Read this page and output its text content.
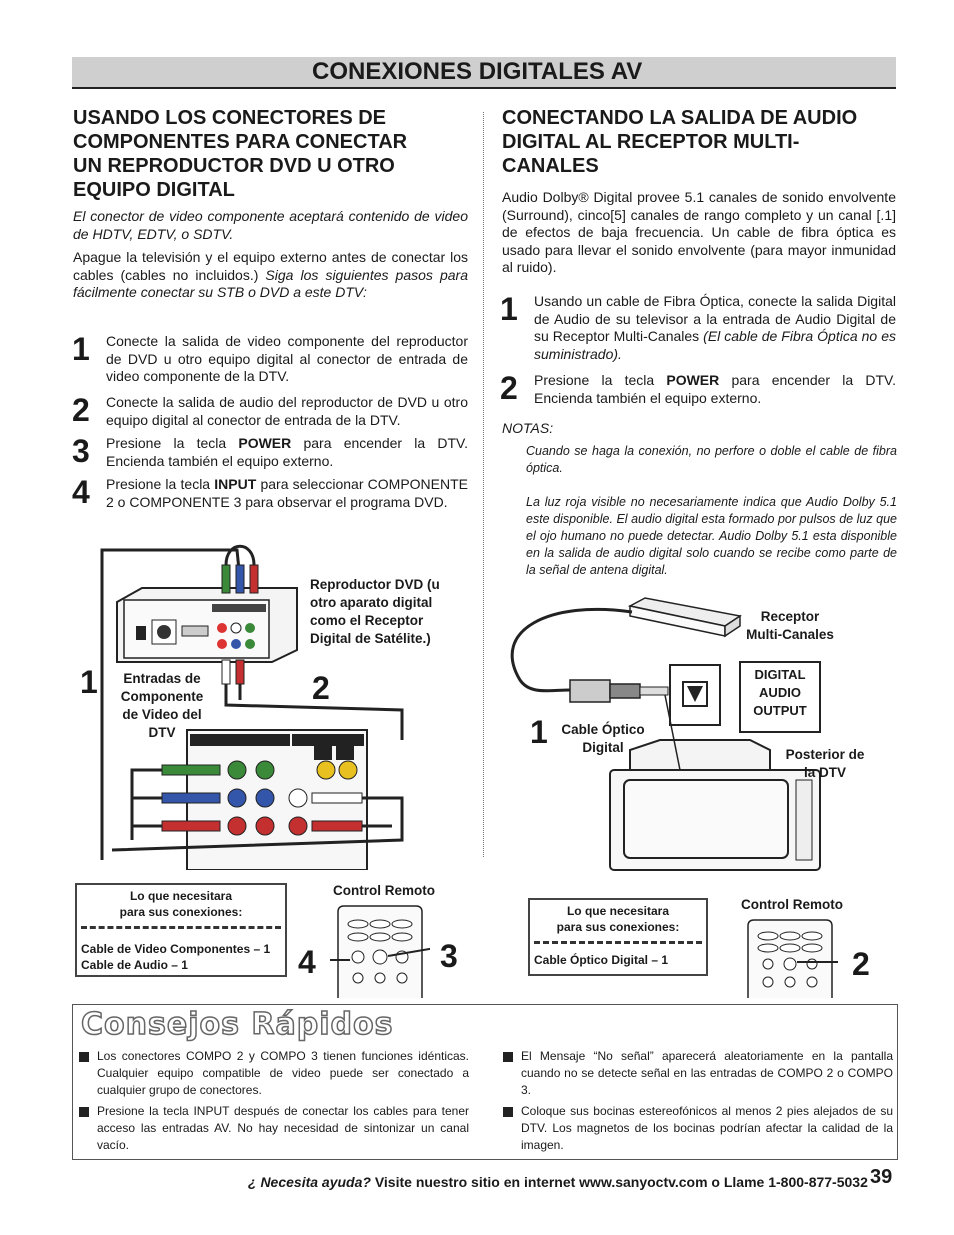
CONEXIONES DIGITALES AV
USANDO LOS CONECTORES DE
COMPONENTES PARA CONECTAR
UN REPRODUCTOR DVD U OTRO
EQUIPO DIGITAL

El conector de video componente aceptará contenido de video de HDTV, EDTV, o SDTV.

Apague la televisión y el equipo externo antes de conectar los cables (cables no incluidos.) Siga los siguientes pasos para fácilmente conectar su STB o DVD a este DTV:

1 Conecte la salida de video componente del reproductor de DVD u otro equipo digital al conector de entrada de video componente de la DTV.

2 Conecte la salida de audio del reproductor de DVD u otro equipo digital al conector de entrada de la DTV.

3 Presione la tecla POWER para encender la DTV. Encienda también el equipo externo.

4 Presione la tecla INPUT para seleccionar COMPONENTE 2 o COMPONENTE 3 para observar el programa DVD.

1	2
Reproductor DVD (u
otro aparato digital
como el Receptor
Digital de Satélite.)
Entradas de
Componente
de Video del
DTV
Lo que necesitara
para sus conexiones:
Cable de Video Componentes – 1
Cable de Audio – 1
Control Remoto
4	3
CONECTANDO LA SALIDA DE AUDIO
DIGITAL AL RECEPTOR MULTI-
CANALES

Audio Dolby® Digital provee 5.1 canales de sonido envolvente (Surround), cinco[5] canales de rango completo y un canal [.1] de efectos de baja frecuencia. Un cable de fibra óptica es usado para llevar el sonido envolvente (para mayor inmunidad al ruido).

1 Usando un cable de Fibra Óptica, conecte la salida Digital de Audio de su televisor a la entrada de Audio Digital de su Receptor Multi-Canales (El cable de Fibra Óptica no es suministrado).

2 Presione la tecla POWER para encender la DTV. Encienda también el equipo externo.

NOTAS:

Cuando se haga la conexión, no perfore o doble el cable de fibra óptica.

La luz roja visible no necesariamente indica que Audio Dolby 5.1 este disponible. El audio digital esta formado por pulsos de luz que el ojo humano no puede detectar. Audio Dolby 5.1 esta disponible en la salida de audio digital solo cuando se recibe como parte de la señal de antena digital.

Receptor
Multi-Canales
DIGITAL
AUDIO
OUTPUT
1 Cable Óptico
Digital	Posterior de
la DTV
Lo que necesitara
para sus conexiones:
Cable Óptico Digital – 1
Control Remoto
2
Consejos Rápidos

Los conectores COMPO 2 y COMPO 3 tienen funciones idénticas. Cualquier equipo compatible de video puede ser conectado a cualquier grupo de conectores.

Presione la tecla INPUT después de conectar los cables para tener acceso las entradas AV. No hay necesidad de sintonizar un canal vacío.

El Mensaje “No señal” aparecerá aleatoriamente en la pantalla cuando no se detecte señal en las entradas de COMPO 2 o COMPO 3.

Coloque sus bocinas estereofónicos al menos 2 pies alejados de su DTV. Los magnetos de los bocinas podrían afectar la calidad de la imagen.

¿ Necesita ayuda? Visite nuestro sitio en internet www.sanyoctv.com o Llame 1-800-877-5032 39
